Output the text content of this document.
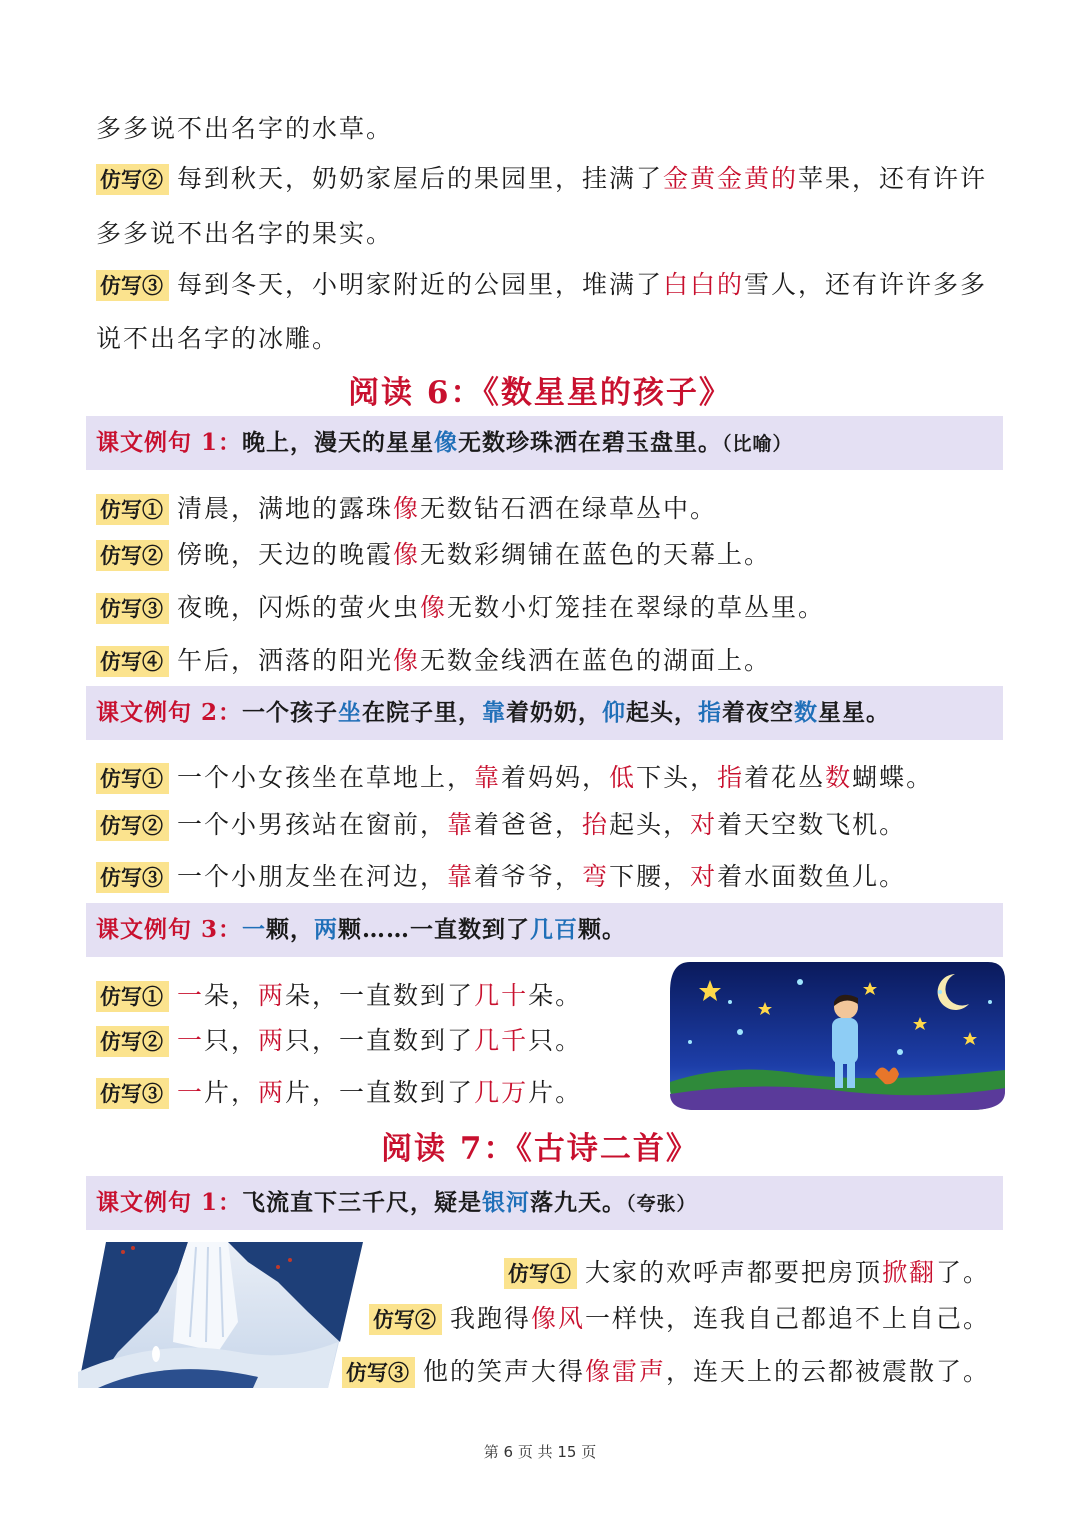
多多说不出名字的水草。
仿写② 每到秋天，奶奶家屋后的果园里，挂满了金黄金黄的苹果，还有许许
多多说不出名字的果实。
仿写③ 每到冬天，小明家附近的公园里，堆满了白白的雪人，还有许许多多
说不出名字的冰雕。
阅读 6：《数星星的孩子》
课文例句 1：晚上，漫天的星星像无数珍珠洒在碧玉盘里。（比喻）
仿写① 清晨，满地的露珠像无数钻石洒在绿草丛中。
仿写② 傍晚，天边的晚霞像无数彩绸铺在蓝色的天幕上。
仿写③ 夜晚，闪烁的萤火虫像无数小灯笼挂在翠绿的草丛里。
仿写④ 午后，洒落的阳光像无数金线洒在蓝色的湖面上。
课文例句 2：一个孩子坐在院子里，靠着奶奶，仰起头，指着夜空数星星。
仿写① 一个小女孩坐在草地上，靠着妈妈，低下头，指着花丛数蝴蝶。
仿写② 一个小男孩站在窗前，靠着爸爸，抬起头，对着天空数飞机。
仿写③ 一个小朋友坐在河边，靠着爷爷，弯下腰，对着水面数鱼儿。
课文例句 3：一颗，两颗……一直数到了几百颗。
仿写① 一朵，两朵，一直数到了几十朵。
仿写② 一只，两只，一直数到了几千只。
仿写③ 一片，两片，一直数到了几万片。
阅读 7：《古诗二首》
课文例句 1：飞流直下三千尺，疑是银河落九天。（夸张）
仿写① 大家的欢呼声都要把房顶掀翻了。
仿写② 我跑得像风一样快，连我自己都追不上自己。
仿写③ 他的笑声大得像雷声，连天上的云都被震散了。
第 6 页 共 15 页
